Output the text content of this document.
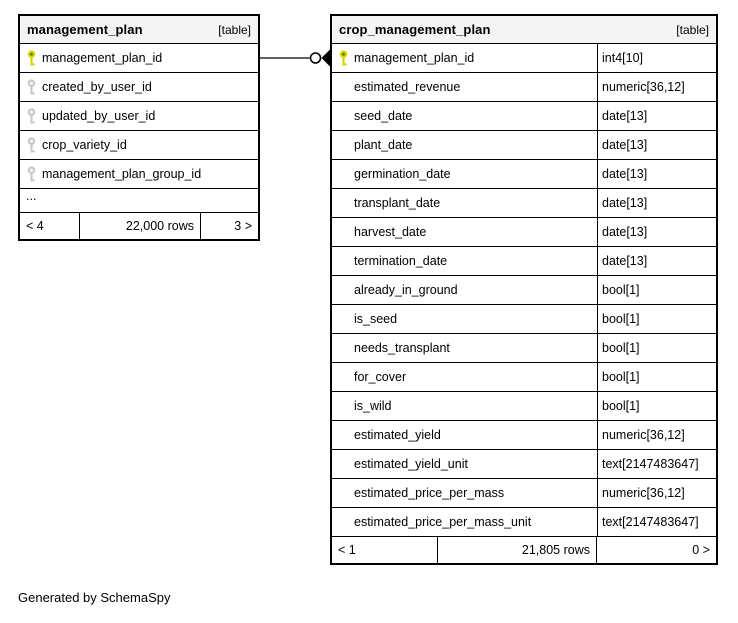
management_plan	[table]
management_plan_id
created_by_user_id
updated_by_user_id
crop_variety_id
management_plan_group_id
...
< 4	22,000 rows	3 >
crop_management_plan	[table]
management_plan_id	int4[10]
estimated_revenue	numeric[36,12]
seed_date	date[13]
plant_date	date[13]
germination_date	date[13]
transplant_date	date[13]
harvest_date	date[13]
termination_date	date[13]
already_in_ground	bool[1]
is_seed	bool[1]
needs_transplant	bool[1]
for_cover	bool[1]
is_wild	bool[1]
estimated_yield	numeric[36,12]
estimated_yield_unit	text[2147483647]
estimated_price_per_mass	numeric[36,12]
estimated_price_per_mass_unit	text[2147483647]
< 1	21,805 rows	0 >
Generated by SchemaSpy
